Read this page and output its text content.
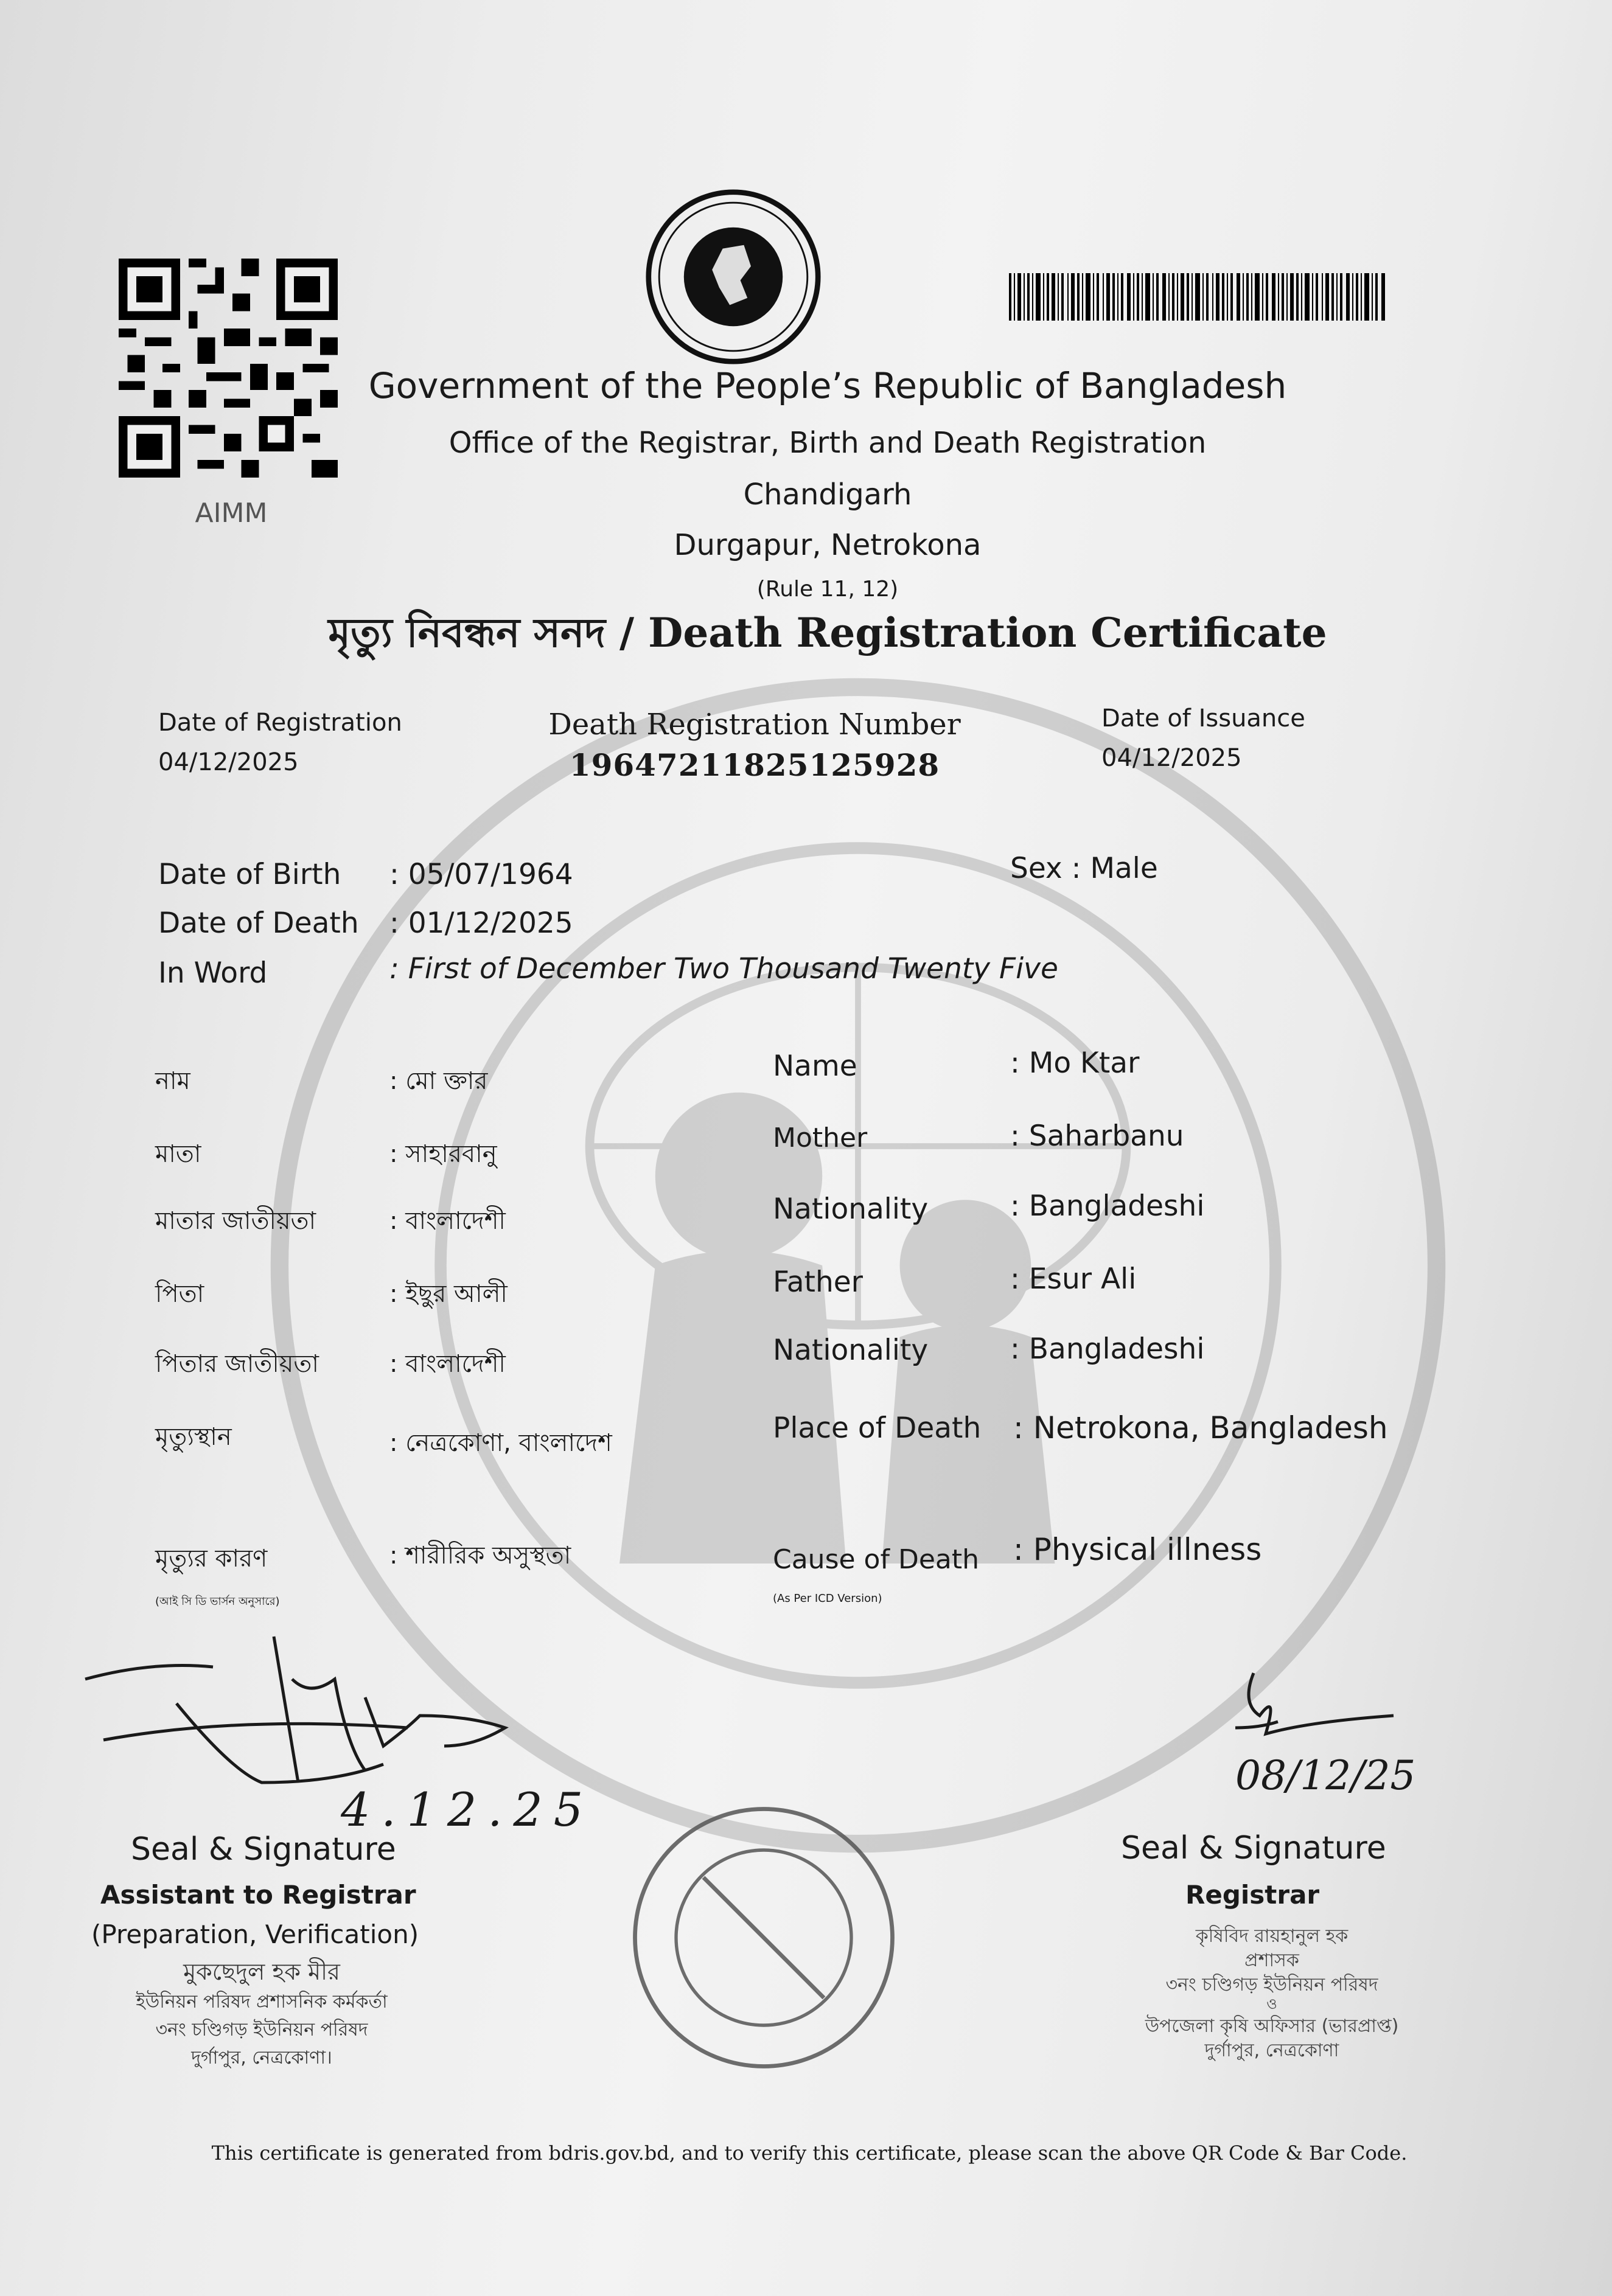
AIMM
Government of the People’s Republic of Bangladesh
Office of the Registrar, Birth and Death Registration
Chandigarh
Durgapur, Netrokona
(Rule 11, 12)
মৃত্যু নিবন্ধন সনদ / Death Registration Certificate
Date of Registration
04/12/2025
Death Registration Number
19647211825125928
Date of Issuance
04/12/2025
Date of Birth : 05/07/1964
Date of Death : 01/12/2025
In Word	: First of December Two Thousand Twenty Five
Sex : Male
নাম	: মো ক্তার
মাতা	: সাহারবানু
মাতার জাতীয়তা	: বাংলাদেশী
পিতা	: ইছুর আলী
পিতার জাতীয়তা	: বাংলাদেশী
মৃত্যুস্থান	: নেত্রকোণা, বাংলাদেশ
মৃত্যুর কারণ	: শারীরিক অসুস্থতা
(আই সি ডি ভার্সন অনুসারে)
Name	: Mo Ktar
Mother	: Saharbanu
Nationality	: Bangladeshi
Father	: Esur Ali
Nationality	: Bangladeshi
Place of Death : Netrokona, Bangladesh
Cause of Death : Physical illness
(As Per ICD Version)
4.12.25
Seal & Signature
Assistant to Registrar
(Preparation, Verification)
মুকছেদুল হক মীর
ইউনিয়ন পরিষদ প্রশাসনিক কর্মকর্তা
৩নং চণ্ডিগড় ইউনিয়ন পরিষদ
দুর্গাপুর, নেত্রকোণা।
08/12/25
Seal & Signature
Registrar
কৃষিবিদ রায়হানুল হক
প্রশাসক
৩নং চণ্ডিগড় ইউনিয়ন পরিষদ
ও
উপজেলা কৃষি অফিসার (ভারপ্রাপ্ত)
দুর্গাপুর, নেত্রকোণা
This certificate is generated from bdris.gov.bd, and to verify this certificate, please scan the above QR Code & Bar Code.
